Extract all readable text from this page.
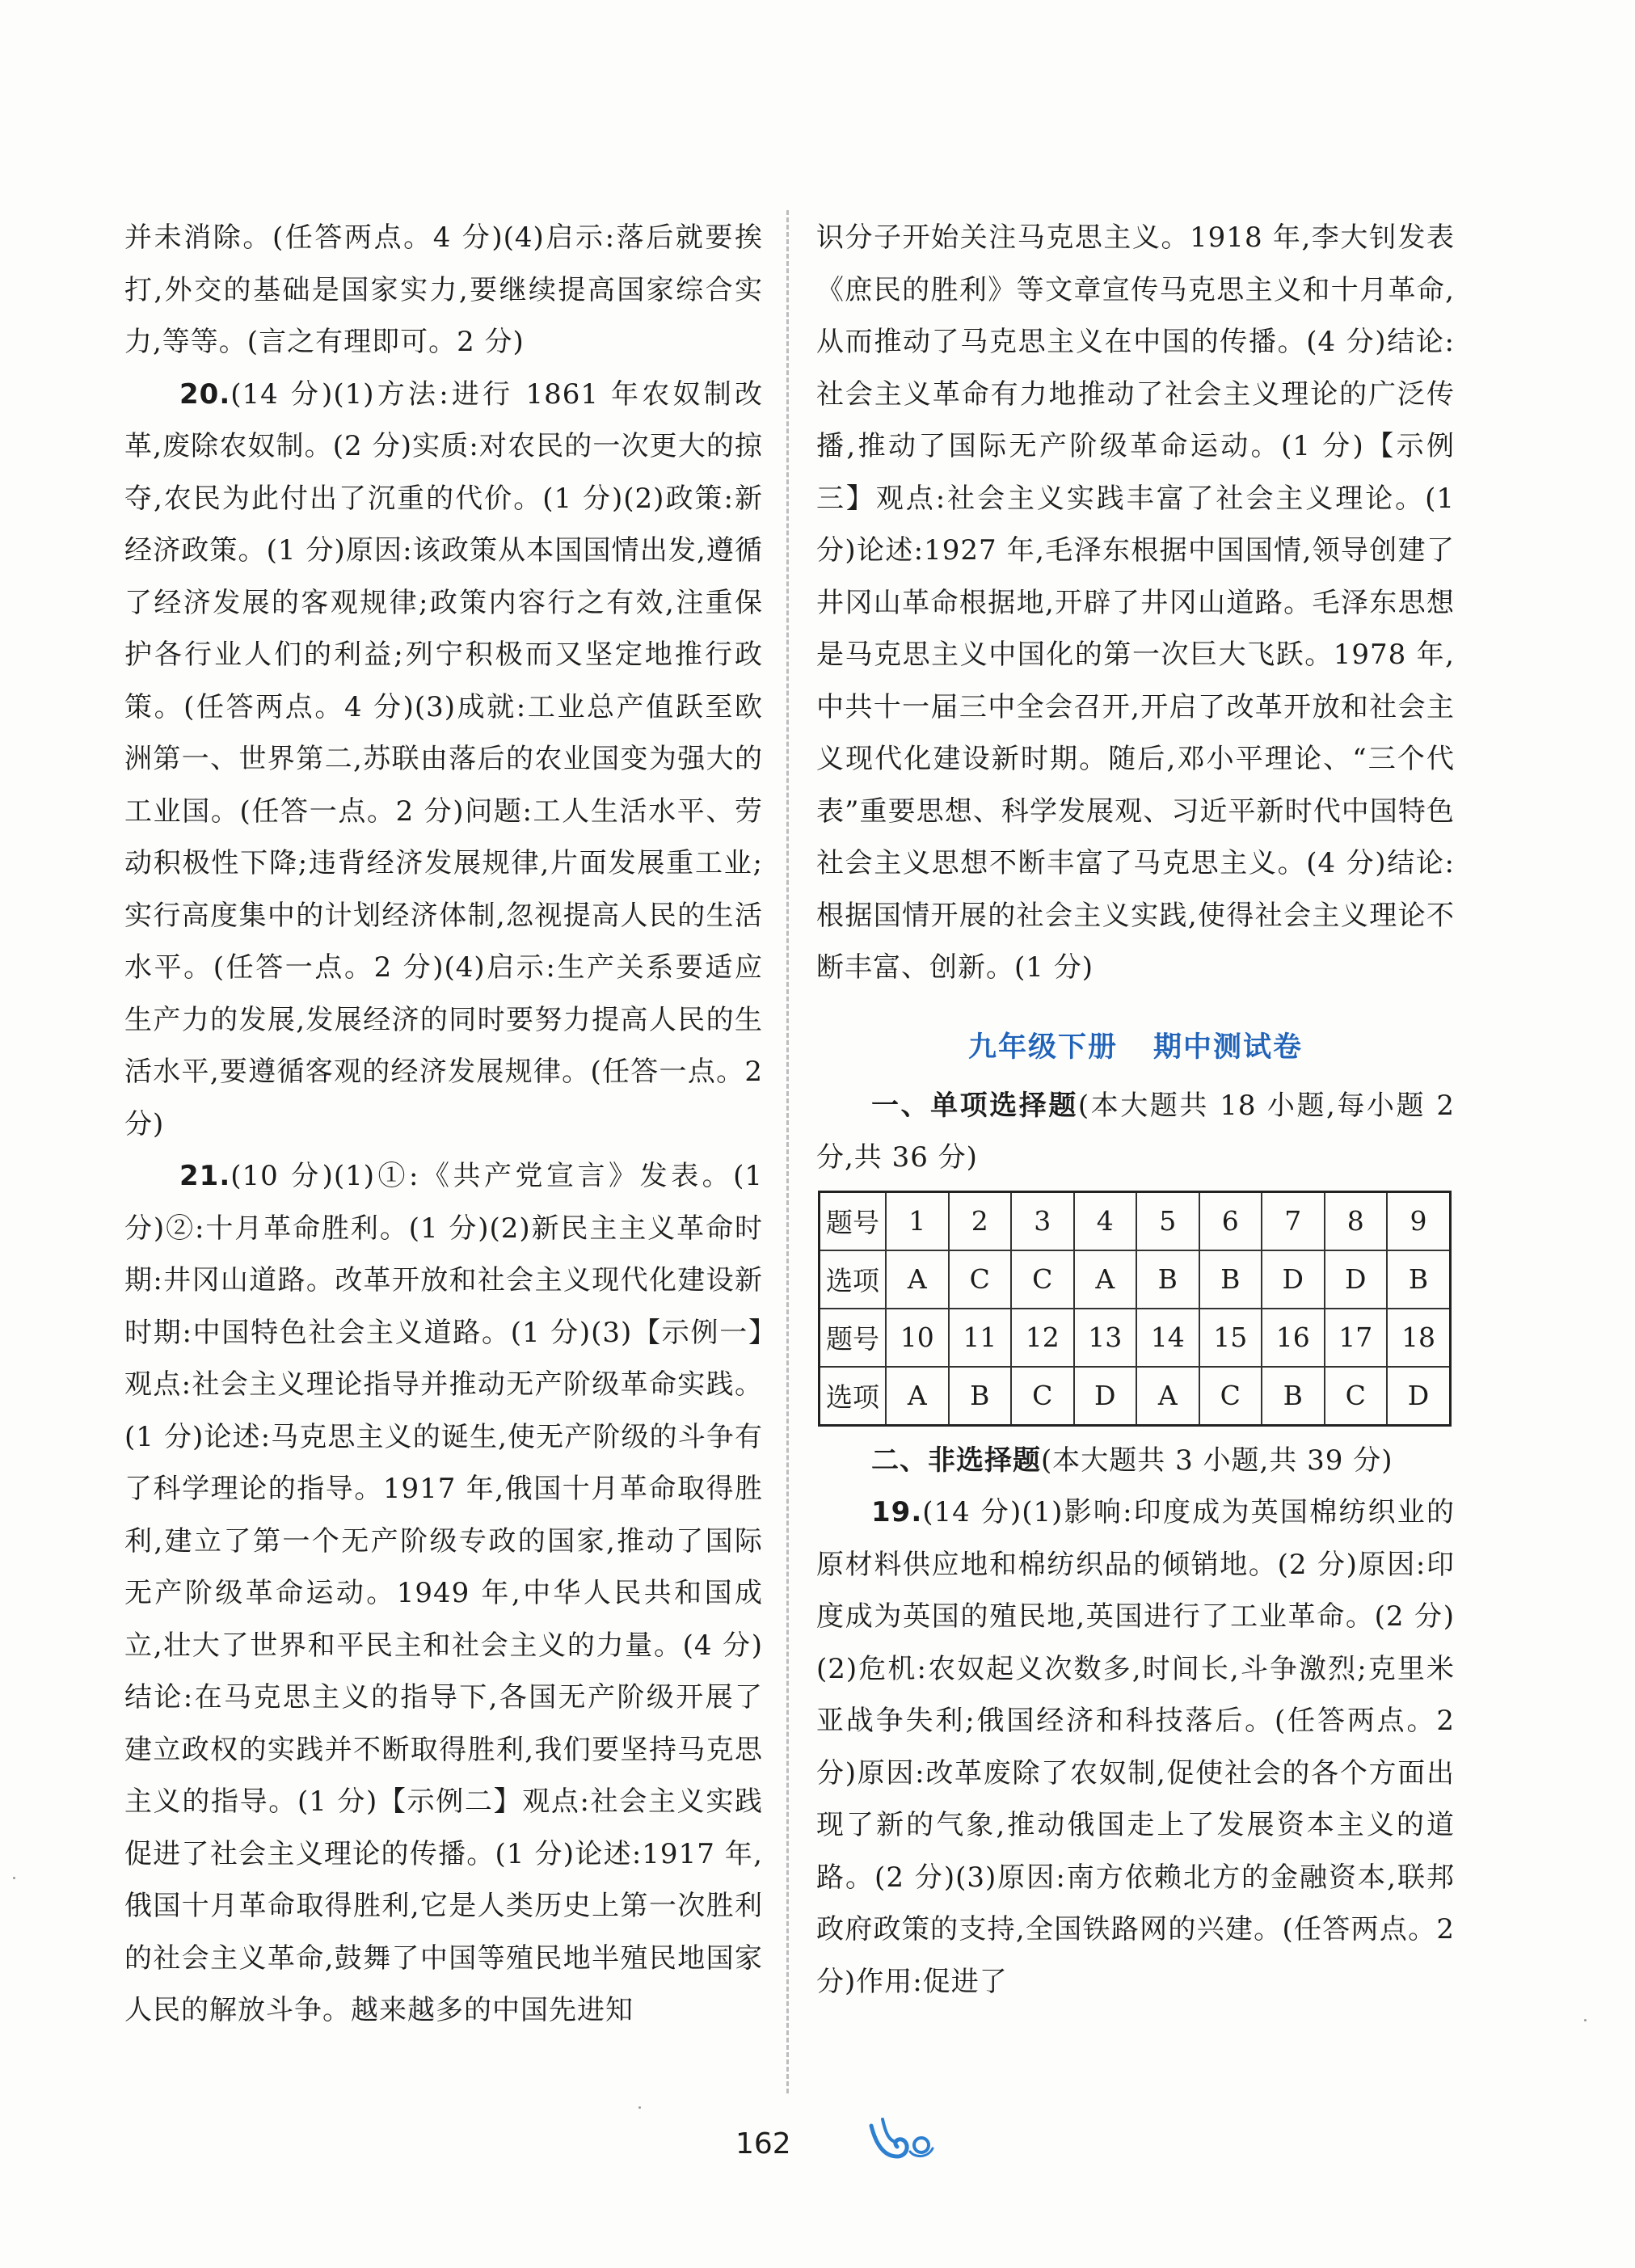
并未消除。(任答两点。4 分)(4)启示:落后就要挨打,外交的基础是国家实力,要继续提高国家综合实力,等等。(言之有理即可。2 分)

20.(14 分)(1)方法:进行 1861 年农奴制改革,废除农奴制。(2 分)实质:对农民的一次更大的掠夺,农民为此付出了沉重的代价。(1 分)(2)政策:新经济政策。(1 分)原因:该政策从本国国情出发,遵循了经济发展的客观规律;政策内容行之有效,注重保护各行业人们的利益;列宁积极而又坚定地推行政策。(任答两点。4 分)(3)成就:工业总产值跃至欧洲第一、世界第二,苏联由落后的农业国变为强大的工业国。(任答一点。2 分)问题:工人生活水平、劳动积极性下降;违背经济发展规律,片面发展重工业;实行高度集中的计划经济体制,忽视提高人民的生活水平。(任答一点。2 分)(4)启示:生产关系要适应生产力的发展,发展经济的同时要努力提高人民的生活水平,要遵循客观的经济发展规律。(任答一点。2 分)

21.(10 分)(1)①:《共产党宣言》发表。(1 分)②:十月革命胜利。(1 分)(2)新民主主义革命时期:井冈山道路。改革开放和社会主义现代化建设新时期:中国特色社会主义道路。(1 分)(3)【示例一】观点:社会主义理论指导并推动无产阶级革命实践。(1 分)论述:马克思主义的诞生,使无产阶级的斗争有了科学理论的指导。1917 年,俄国十月革命取得胜利,建立了第一个无产阶级专政的国家,推动了国际无产阶级革命运动。1949 年,中华人民共和国成立,壮大了世界和平民主和社会主义的力量。(4 分)结论:在马克思主义的指导下,各国无产阶级开展了建立政权的实践并不断取得胜利,我们要坚持马克思主义的指导。(1 分)【示例二】观点:社会主义实践促进了社会主义理论的传播。(1 分)论述:1917 年,俄国十月革命取得胜利,它是人类历史上第一次胜利的社会主义革命,鼓舞了中国等殖民地半殖民地国家人民的解放斗争。越来越多的中国先进知

识分子开始关注马克思主义。1918 年,李大钊发表《庶民的胜利》等文章宣传马克思主义和十月革命,从而推动了马克思主义在中国的传播。(4 分)结论:社会主义革命有力地推动了社会主义理论的广泛传播,推动了国际无产阶级革命运动。(1 分)【示例三】观点:社会主义实践丰富了社会主义理论。(1 分)论述:1927 年,毛泽东根据中国国情,领导创建了井冈山革命根据地,开辟了井冈山道路。毛泽东思想是马克思主义中国化的第一次巨大飞跃。1978 年,中共十一届三中全会召开,开启了改革开放和社会主义现代化建设新时期。随后,邓小平理论、“三个代表”重要思想、科学发展观、习近平新时代中国特色社会主义思想不断丰富了马克思主义。(4 分)结论:根据国情开展的社会主义实践,使得社会主义理论不断丰富、创新。(1 分)

九年级下册 期中测试卷

一、单项选择题(本大题共 18 小题,每小题 2 分,共 36 分)

题号	1	2	3	4	5	6	7	8	9
选项	A	C	C	A	B	B	D	D	B
题号	10	11	12	13	14	15	16	17	18
选项	A	B	C	D	A	C	B	C	D

二、非选择题(本大题共 3 小题,共 39 分)

19.(14 分)(1)影响:印度成为英国棉纺织业的原材料供应地和棉纺织品的倾销地。(2 分)原因:印度成为英国的殖民地,英国进行了工业革命。(2 分)(2)危机:农奴起义次数多,时间长,斗争激烈;克里米亚战争失利;俄国经济和科技落后。(任答两点。2 分)原因:改革废除了农奴制,促使社会的各个方面出现了新的气象,推动俄国走上了发展资本主义的道路。(2 分)(3)原因:南方依赖北方的金融资本,联邦政府政策的支持,全国铁路网的兴建。(任答两点。2 分)作用:促进了

162
